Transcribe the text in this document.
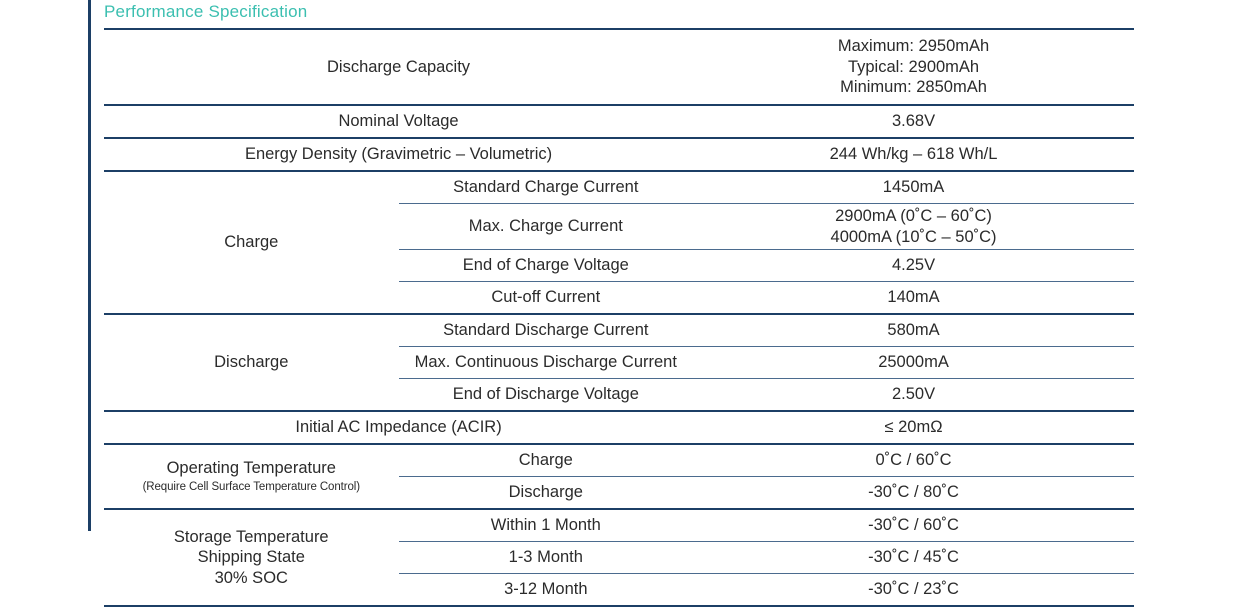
Performance Specification
Discharge Capacity		Maximum: 2950mAh
Typical: 2900mAh
Minimum: 2850mAh

Nominal Voltage		3.68V
Energy Density (Gravimetric – Volumetric)		244 Wh/kg – 618 Wh/L
Charge	Standard Charge Current	1450mA
	Max. Charge Current	2900mA (0˚C – 60˚C)
4000mA (10˚C – 50˚C)

	End of Charge Voltage	4.25V
	Cut-off Current	140mA
Discharge	Standard Discharge Current	580mA
	Max. Continuous Discharge Current	25000mA
	End of Discharge Voltage	2.50V
Initial AC Impedance (ACIR)		≤ 20mΩ
Operating Temperature
(Require Cell Surface Temperature Control)	Charge	0˚C / 60˚C
	Discharge	-30˚C / 80˚C

Storage Temperature
Shipping State
30% SOC	Within 1 Month	-30˚C / 60˚C
	1-3 Month	-30˚C / 45˚C
	3-12 Month	-30˚C / 23˚C
